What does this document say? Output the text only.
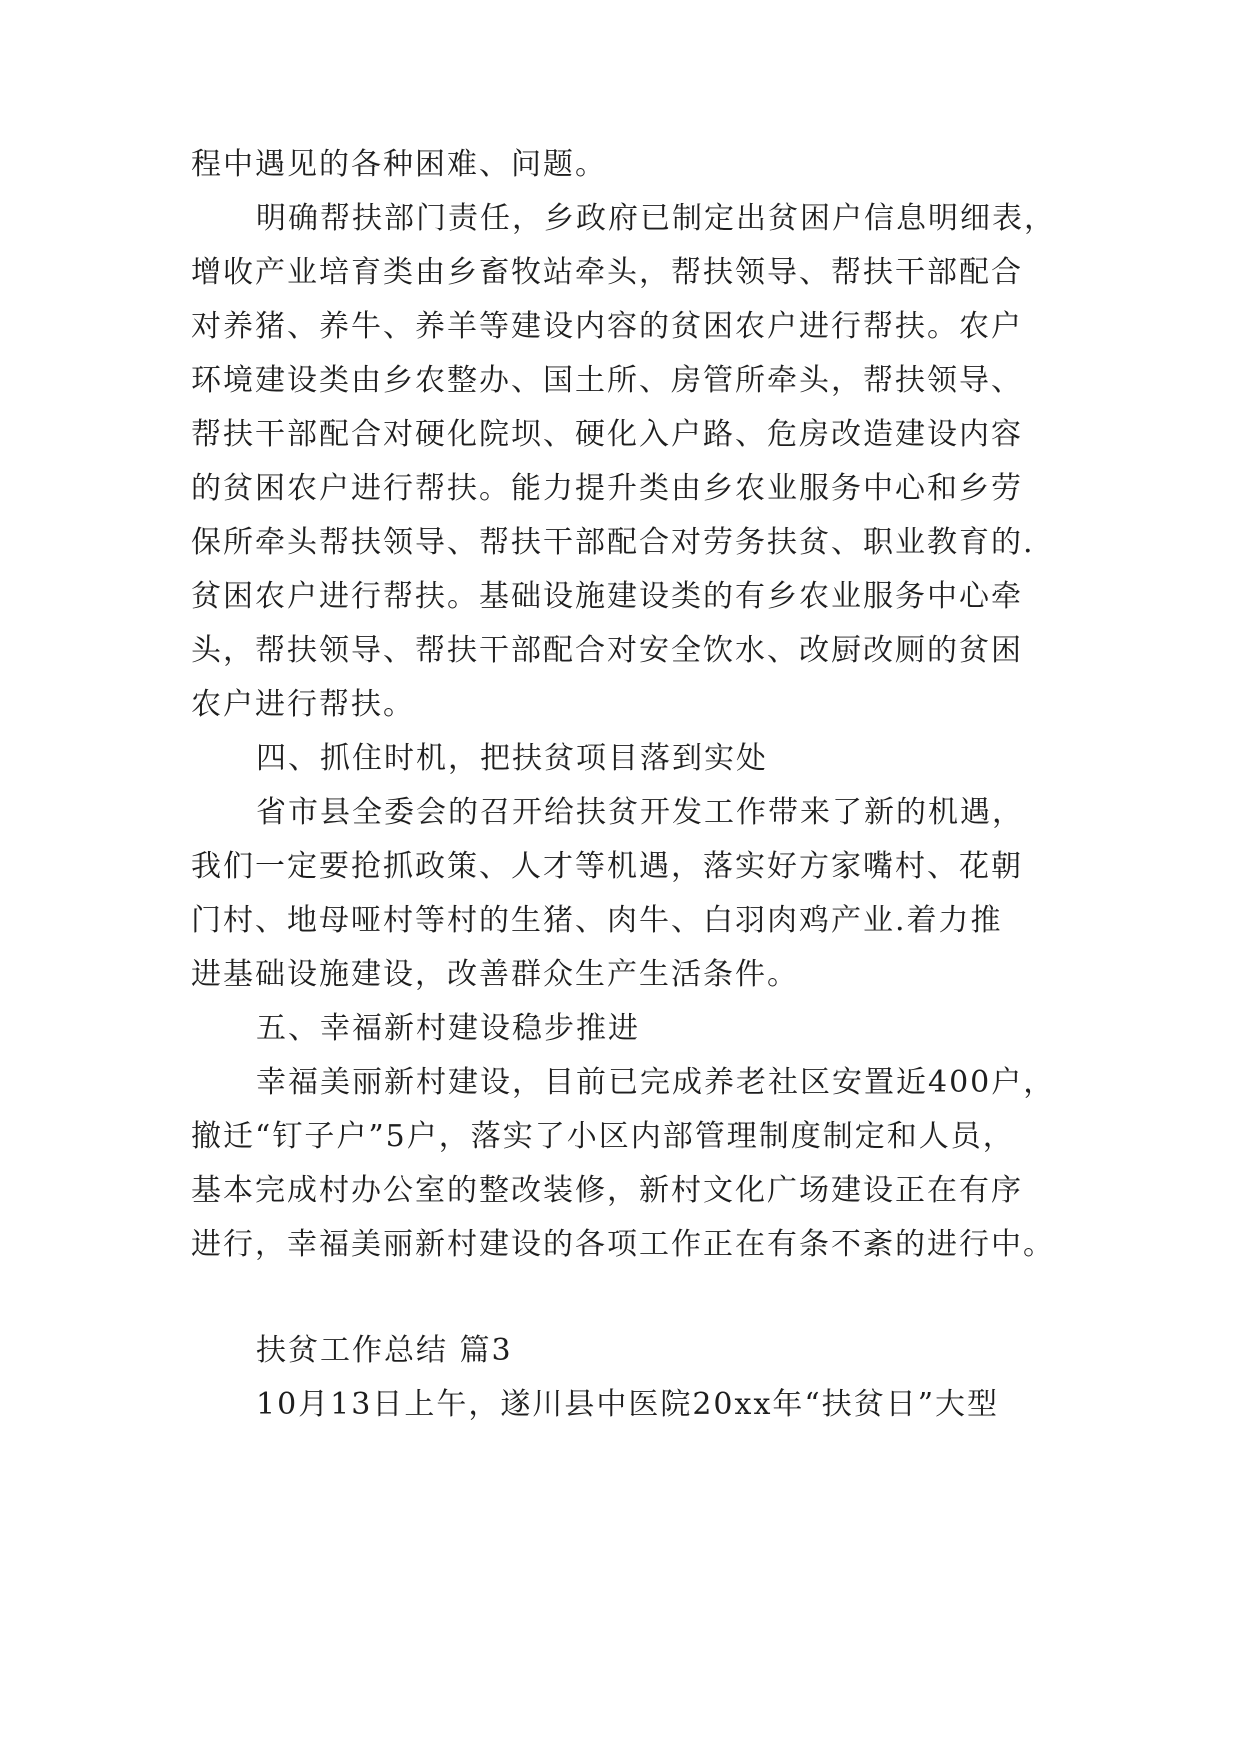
程中遇见的各种困难、问题。
明确帮扶部门责任，乡政府已制定出贫困户信息明细表，
增收产业培育类由乡畜牧站牵头，帮扶领导、帮扶干部配合
对养猪、养牛、养羊等建设内容的贫困农户进行帮扶。农户
环境建设类由乡农整办、国土所、房管所牵头，帮扶领导、
帮扶干部配合对硬化院坝、硬化入户路、危房改造建设内容
的贫困农户进行帮扶。能力提升类由乡农业服务中心和乡劳
保所牵头帮扶领导、帮扶干部配合对劳务扶贫、职业教育的.
贫困农户进行帮扶。基础设施建设类的有乡农业服务中心牵
头，帮扶领导、帮扶干部配合对安全饮水、改厨改厕的贫困
农户进行帮扶。
四、抓住时机，把扶贫项目落到实处
省市县全委会的召开给扶贫开发工作带来了新的机遇，
我们一定要抢抓政策、人才等机遇，落实好方家嘴村、花朝
门村、地母哑村等村的生猪、肉牛、白羽肉鸡产业.着力推
进基础设施建设，改善群众生产生活条件。
五、幸福新村建设稳步推进
幸福美丽新村建设，目前已完成养老社区安置近400户，
撤迁“钉子户”5户，落实了小区内部管理制度制定和人员，
基本完成村办公室的整改装修，新村文化广场建设正在有序
进行，幸福美丽新村建设的各项工作正在有条不紊的进行中。
扶贫工作总结 篇3
10月13日上午，遂川县中医院20xx年“扶贫日”大型
